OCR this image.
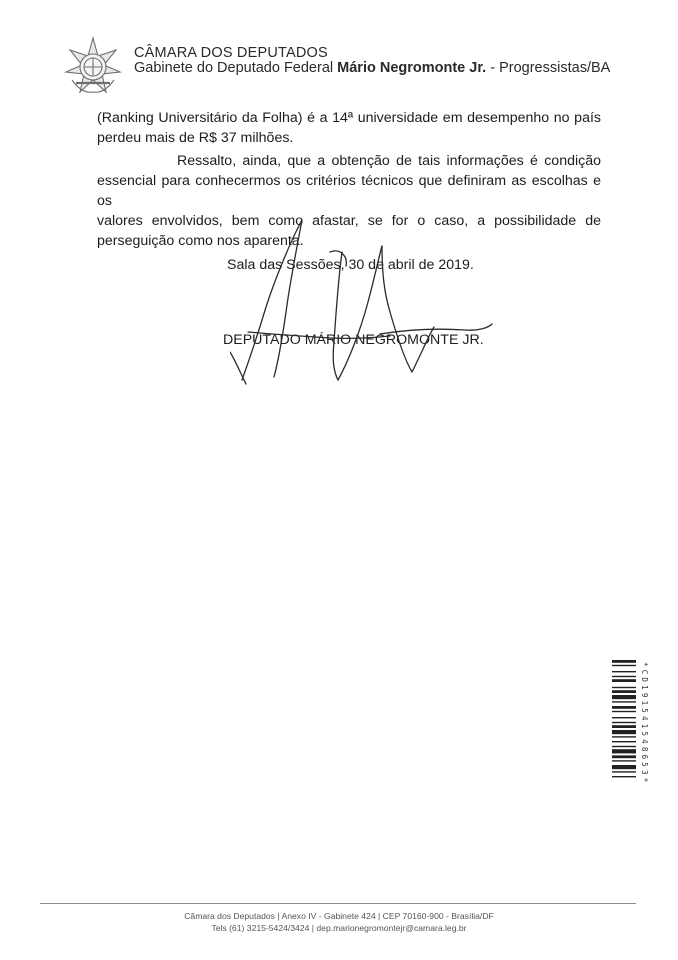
CÂMARA DOS DEPUTADOS
Gabinete do Deputado Federal Mário Negromonte Jr. - Progressistas/BA
(Ranking Universitário da Folha) é a 14ª universidade em desempenho no país
perdeu mais de R$ 37 milhões.
Ressalto, ainda, que a obtenção de tais informações é condição
essencial para conhecermos os critérios técnicos que definiram as escolhas e os
valores envolvidos, bem como afastar, se for o caso, a possibilidade de
perseguição como nos aparenta.
Sala das Sessões, 30 de abril de 2019.
DEPUTADO MÁRIO NEGROMONTE JR.
*CD191541548653*
Câmara dos Deputados | Anexo IV - Gabinete 424 | CEP 70160-900 - Brasília/DF
Tels (61) 3215-5424/3424 | dep.marionegromontejr@camara.leg.br
